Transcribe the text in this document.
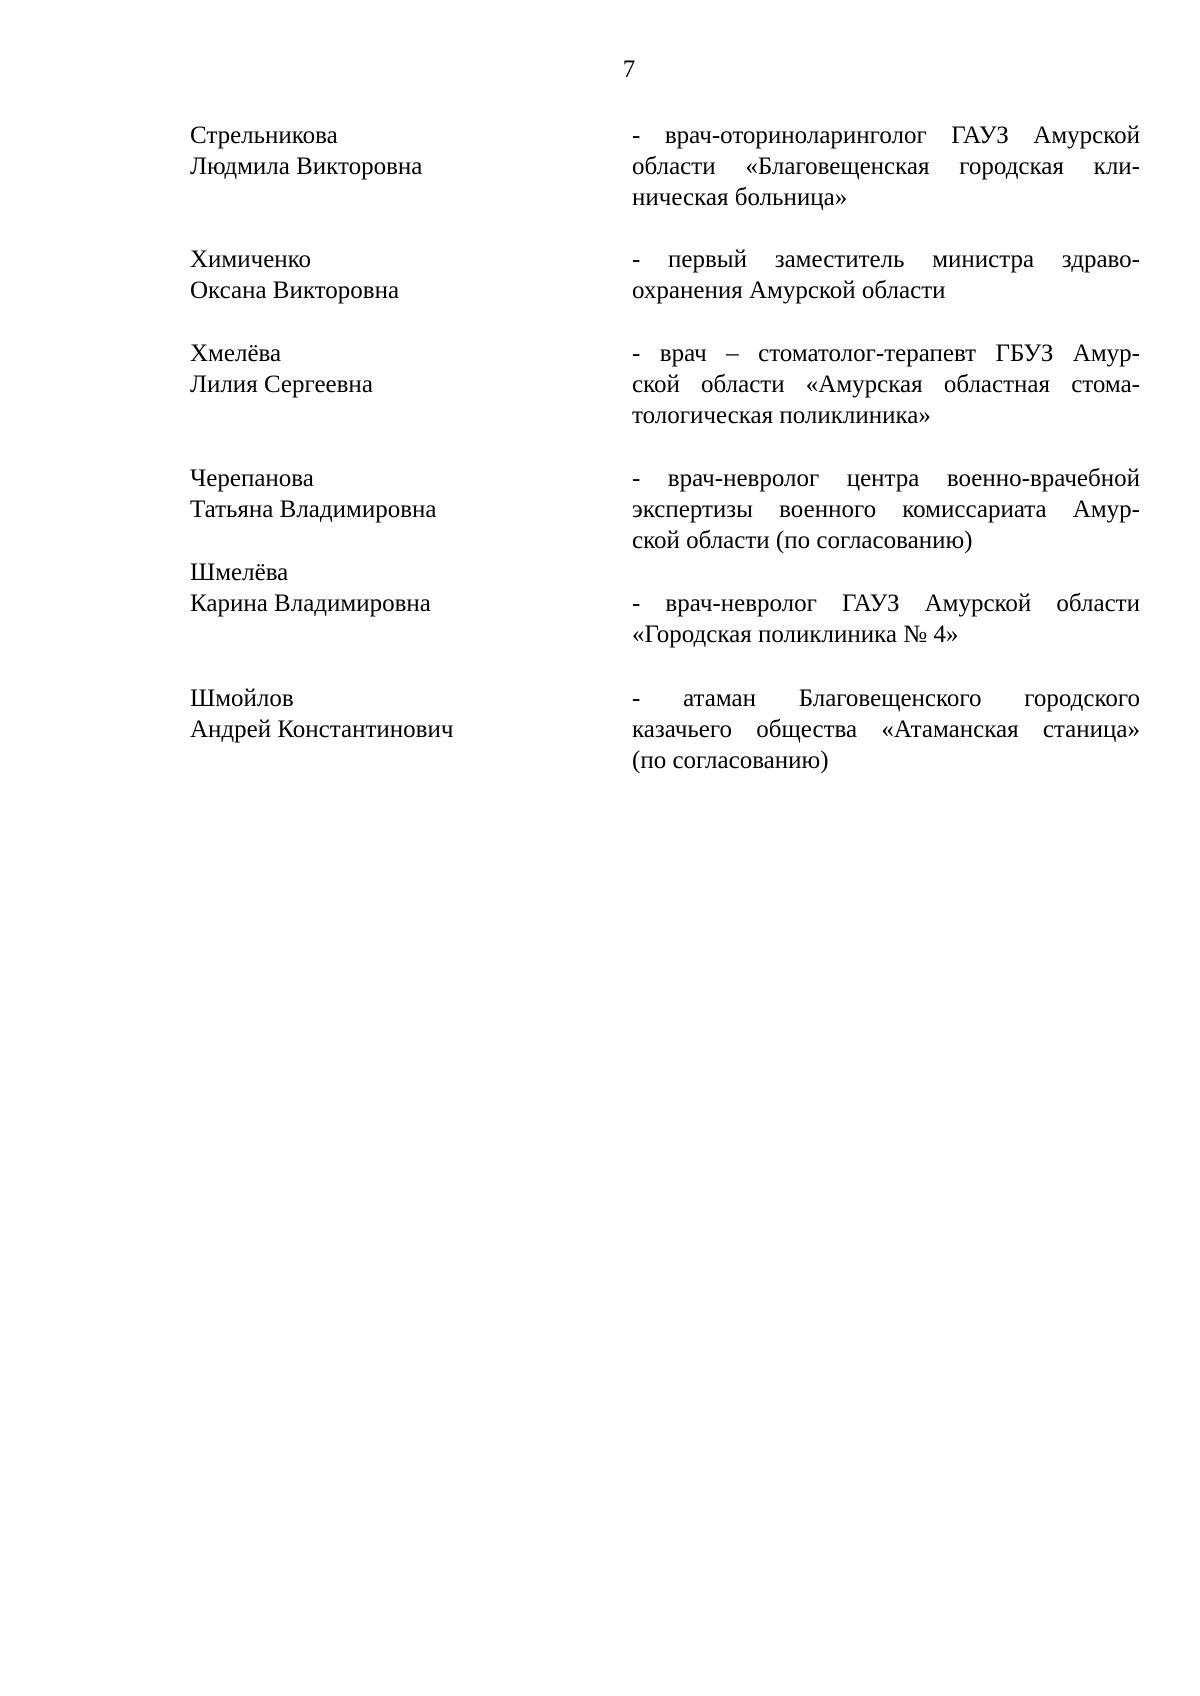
7
Стрельникова
Людмила Викторовна
- врач-оториноларинголог ГАУЗ Амурской
области «Благовещенская городская кли-
ническая больница»
Химиченко
Оксана Викторовна
- первый заместитель министра здраво-
охранения Амурской области
Хмелёва
Лилия Сергеевна
- врач – стоматолог-терапевт ГБУЗ Амур-
ской области «Амурская областная стома-
тологическая поликлиника»
Черепанова
Татьяна Владимировна
- врач-невролог центра военно-врачебной
экспертизы военного комиссариата Амур-
ской области (по согласованию)
Шмелёва
Карина Владимировна	- врач-невролог ГАУЗ Амурской области
«Городская поликлиника № 4»
Шмойлов
Андрей Константинович
- атаман Благовещенского городского
казачьего общества «Атаманская станица»
(по согласованию)
